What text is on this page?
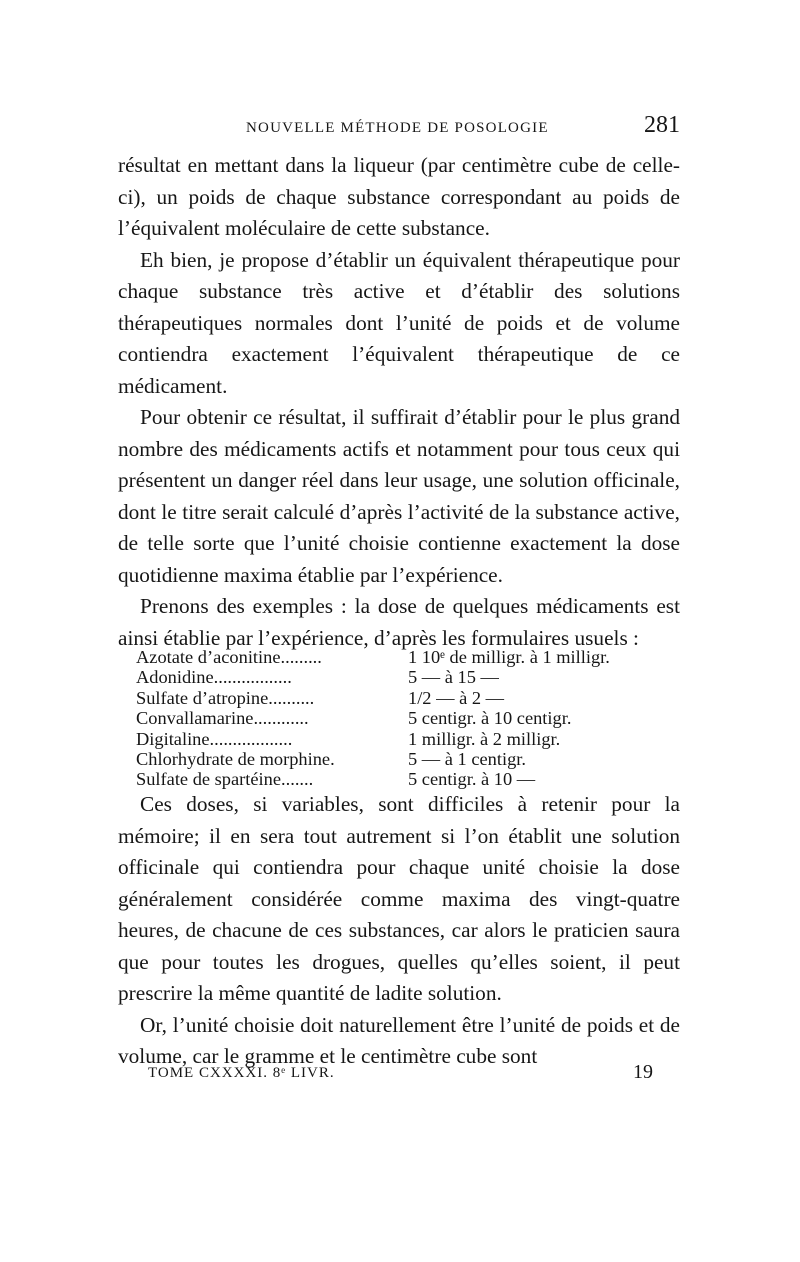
NOUVELLE MÉTHODE DE POSOLOGIE	281

résultat en mettant dans la liqueur (par centimètre cube de celle-ci), un poids de chaque substance correspondant au poids de l’équivalent moléculaire de cette substance.

Eh bien, je propose d’établir un équivalent thérapeutique pour chaque substance très active et d’établir des solutions thérapeutiques normales dont l’unité de poids et de volume contiendra exactement l’équivalent thérapeutique de ce médicament.

Pour obtenir ce résultat, il suffirait d’établir pour le plus grand nombre des médicaments actifs et notamment pour tous ceux qui présentent un danger réel dans leur usage, une solution officinale, dont le titre serait calculé d’après l’activité de la substance active, de telle sorte que l’unité choisie contienne exactement la dose quotidienne maxima établie par l’expérience.

Prenons des exemples : la dose de quelques médicaments est ainsi établie par l’expérience, d’après les formulaires usuels :

Azotate d’aconitine.........	1 10ᵉ de milligr. à 1 milligr.
Adonidine.................	5 — à 15 —
Sulfate d’atropine..........	1/2 — à 2 —
Convallamarine............	5 centigr. à 10 centigr.
Digitaline..................	1 milligr. à 2 milligr.
Chlorhydrate de morphine.	5 — à 1 centigr.
Sulfate de spartéine.......	5 centigr. à 10 —

Ces doses, si variables, sont difficiles à retenir pour la mémoire; il en sera tout autrement si l’on établit une solution officinale qui contiendra pour chaque unité choisie la dose généralement considérée comme maxima des vingt-quatre heures, de chacune de ces substances, car alors le praticien saura que pour toutes les drogues, quelles qu’elles soient, il peut prescrire la même quantité de ladite solution.

Or, l’unité choisie doit naturellement être l’unité de poids et de volume, car le gramme et le centimètre cube sont

TOME CXXXXI. 8ᵉ LIVR.	19
